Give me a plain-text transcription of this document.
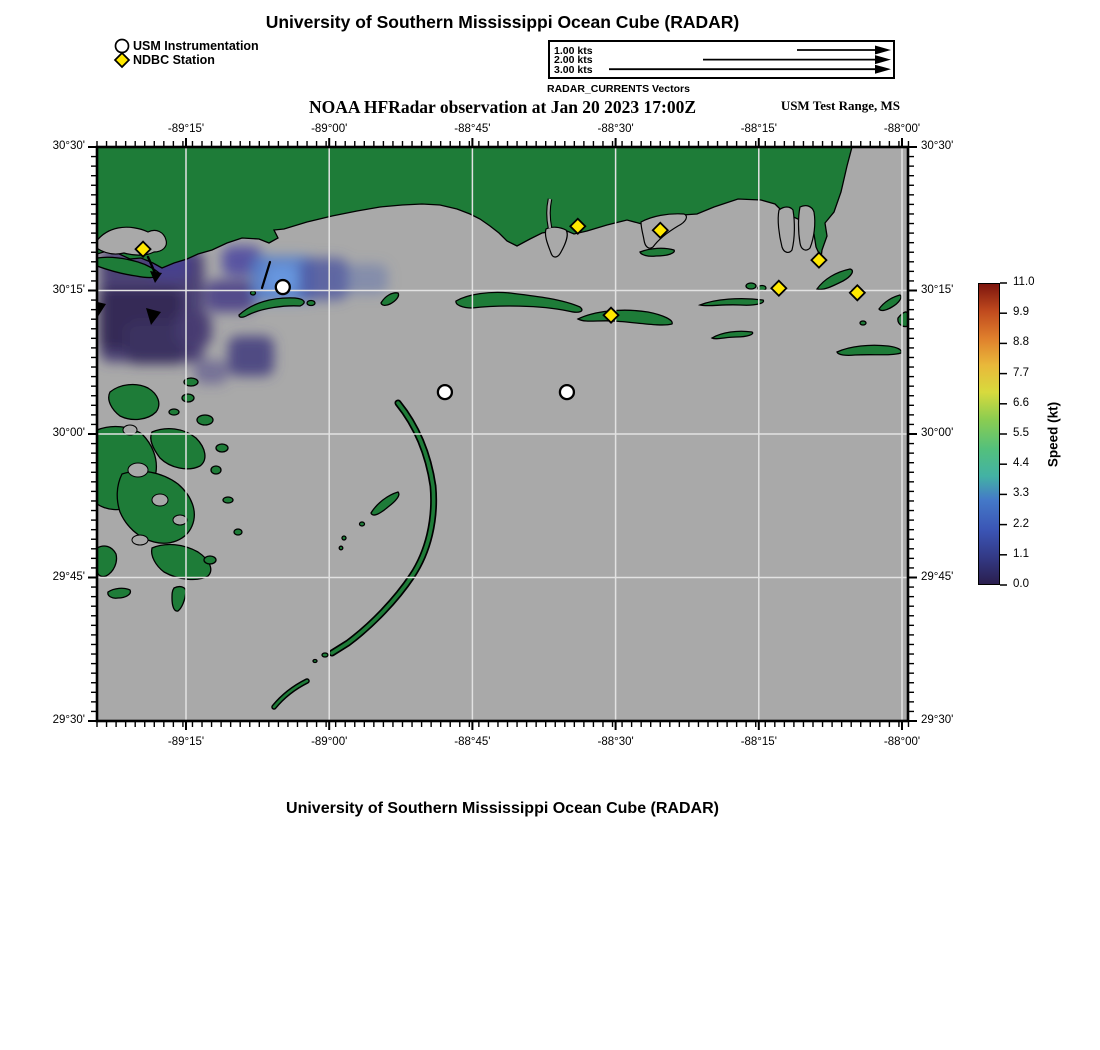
University of Southern Mississippi Ocean Cube (RADAR)
USM Instrumentation
NDBC Station
1.00 kts
2.00 kts
3.00 kts
RADAR_CURRENTS Vectors
NOAA HFRadar observation at Jan 20 2023 17:00Z	USM Test Range, MS
-89°15'
-89°15'
-89°00'
-89°00'
-88°45'
-88°45'
-88°30'
-88°30'
-88°15'
-88°15'
-88°00'
-88°00'
30°30'	30°30'
30°15'	30°15'
30°00'	30°00'
29°45'	29°45'
29°30'	29°30'
0.0
1.1
2.2
3.3
4.4
5.5
6.6
7.7
8.8
9.9
11.0
Speed (kt)
University of Southern Mississippi Ocean Cube (RADAR)
